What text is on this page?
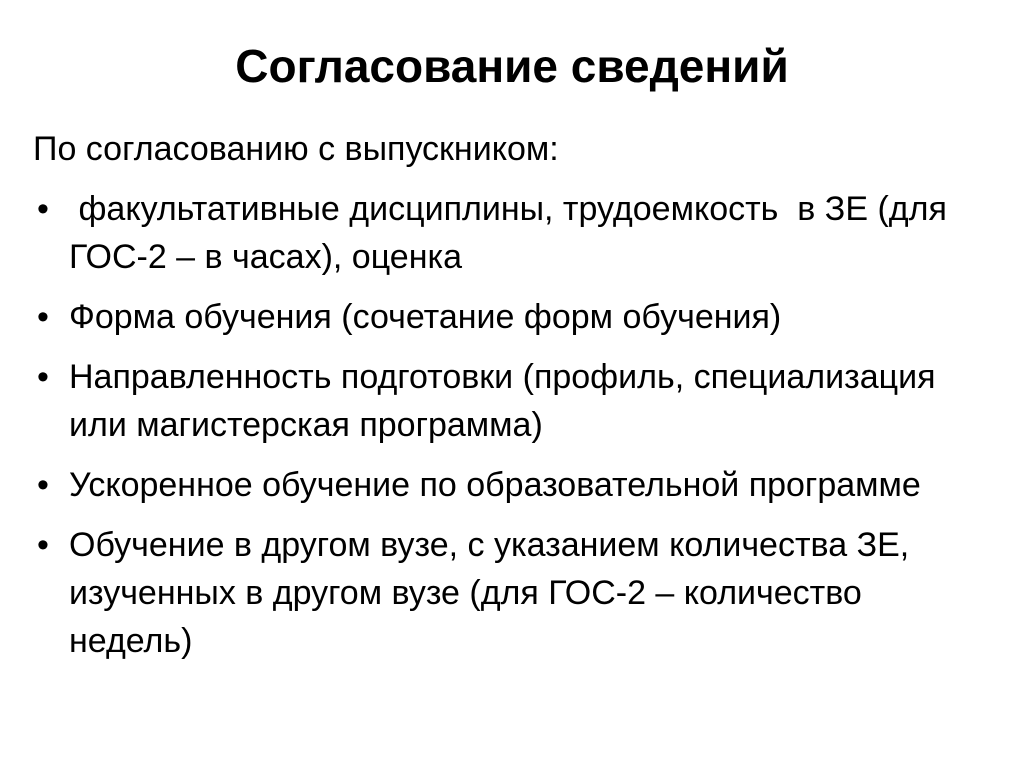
Согласование сведений

По согласованию с выпускником:

• факультативные дисциплины, трудоемкость  в ЗЕ (для ГОС-2 – в часах), оценка
• Форма обучения (сочетание форм обучения)
• Направленность подготовки (профиль, специализация или магистерская программа)
• Ускоренное обучение по образовательной программе
• Обучение в другом вузе, с указанием количества ЗЕ, изученных в другом вузе (для ГОС-2 – количество недель)
